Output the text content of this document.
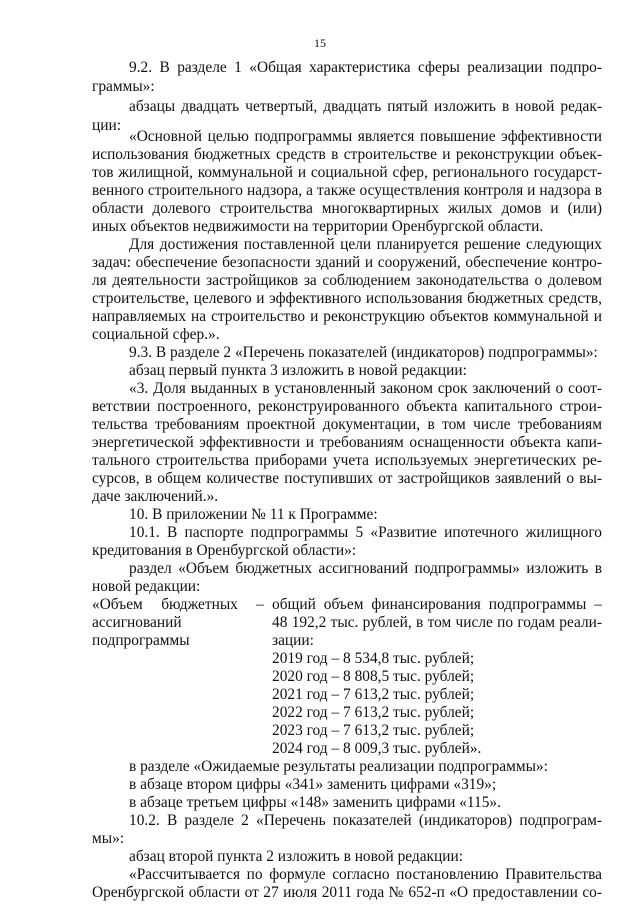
15
9.2. В разделе 1 «Общая характеристика сферы реализации подпро-
граммы»:
абзацы двадцать четвертый, двадцать пятый изложить в новой редак-
ции:
«Основной целью подпрограммы является повышение эффективности
использования бюджетных средств в строительстве и реконструкции объек-
тов жилищной, коммунальной и социальной сфер, регионального государст-
венного строительного надзора, а также осуществления контроля и надзора в
области долевого строительства многоквартирных жилых домов и (или)
иных объектов недвижимости на территории Оренбургской области.
Для достижения поставленной цели планируется решение следующих
задач: обеспечение безопасности зданий и сооружений, обеспечение контро-
ля деятельности застройщиков за соблюдением законодательства о долевом
строительстве, целевого и эффективного использования бюджетных средств,
направляемых на строительство и реконструкцию объектов коммунальной и
социальной сфер.».
9.3. В разделе 2 «Перечень показателей (индикаторов) подпрограммы»:
абзац первый пункта 3 изложить в новой редакции:
«3. Доля выданных в установленный законом срок заключений о соот-
ветствии построенного, реконструированного объекта капитального строи-
тельства требованиям проектной документации, в том числе требованиям
энергетической эффективности и требованиям оснащенности объекта капи-
тального строительства приборами учета используемых энергетических ре-
сурсов, в общем количестве поступивших от застройщиков заявлений о вы-
даче заключений.».
10. В приложении № 11 к Программе:
10.1. В паспорте подпрограммы 5 «Развитие ипотечного жилищного
кредитования в Оренбургской области»:
раздел «Объем бюджетных ассигнований подпрограммы» изложить в
новой редакции:
«Объем бюджетных –
ассигнований
подпрограммы
общий объем финансирования подпрограммы –
48 192,2 тыс. рублей, в том числе по годам реали-
зации:
2019 год – 8 534,8 тыс. рублей;
2020 год – 8 808,5 тыс. рублей;
2021 год – 7 613,2 тыс. рублей;
2022 год – 7 613,2 тыс. рублей;
2023 год – 7 613,2 тыс. рублей;
2024 год – 8 009,3 тыс. рублей».
в разделе «Ожидаемые результаты реализации подпрограммы»:
в абзаце втором цифры «341» заменить цифрами «319»;
в абзаце третьем цифры «148» заменить цифрами «115».
10.2. В разделе 2 «Перечень показателей (индикаторов) подпрограм-
мы»:
абзац второй пункта 2 изложить в новой редакции:
«Рассчитывается по формуле согласно постановлению Правительства
Оренбургской области от 27 июля 2011 года № 652-п «О предоставлении со-
